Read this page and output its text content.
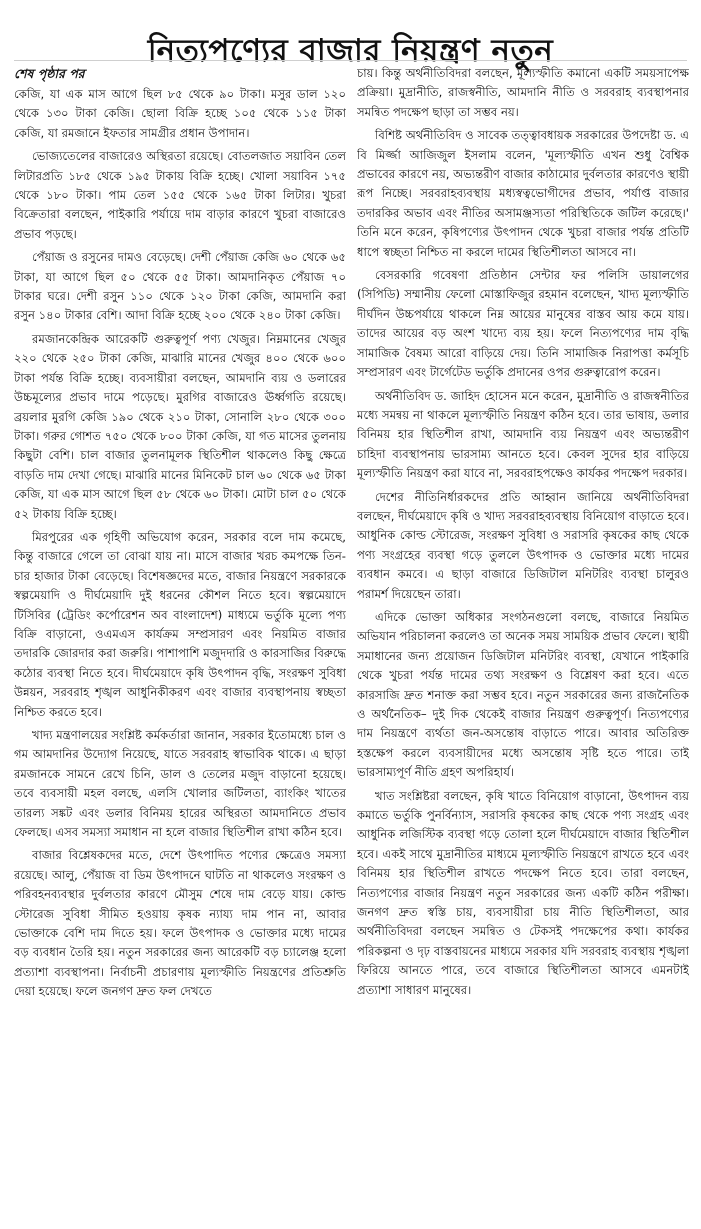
নিত্যপণ্যের বাজার নিয়ন্ত্রণ নতুন
শেষ পৃষ্ঠার পর

কেজি, যা এক মাস আগে ছিল ৮৫ থেকে ৯০ টাকা। মসুর ডাল ১২০ থেকে ১৩০ টাকা কেজি। ছোলা বিক্রি হচ্ছে ১০৫ থেকে ১১৫ টাকা কেজি, যা রমজানে ইফতার সামগ্রীর প্রধান উপাদান।

ভোজ্যতেলের বাজারেও অস্থিরতা রয়েছে। বোতলজাত সয়াবিন তেল লিটারপ্রতি ১৮৫ থেকে ১৯৫ টাকায় বিক্রি হচ্ছে। খোলা সয়াবিন ১৭৫ থেকে ১৮০ টাকা। পাম তেল ১৫৫ থেকে ১৬৫ টাকা লিটার। খুচরা বিক্রেতারা বলছেন, পাইকারি পর্যায়ে দাম বাড়ার কারণে খুচরা বাজারেও প্রভাব পড়ছে।

পেঁয়াজ ও রসুনের দামও বেড়েছে। দেশী পেঁয়াজ কেজি ৬০ থেকে ৬৫ টাকা, যা আগে ছিল ৫০ থেকে ৫৫ টাকা। আমদানিকৃত পেঁয়াজ ৭০ টাকার ঘরে। দেশী রসুন ১১০ থেকে ১২০ টাকা কেজি, আমদানি করা রসুন ১৪০ টাকার বেশি। আদা বিক্রি হচ্ছে ২০০ থেকে ২৪০ টাকা কেজি।

রমজানকেন্দ্রিক আরেকটি গুরুত্বপূর্ণ পণ্য খেজুর। নিম্নমানের খেজুর ২২০ থেকে ২৫০ টাকা কেজি, মাঝারি মানের খেজুর ৪০০ থেকে ৬০০ টাকা পর্যন্ত বিক্রি হচ্ছে। ব্যবসায়ীরা বলছেন, আমদানি ব্যয় ও ডলারের উচ্চমূল্যের প্রভাব দামে পড়েছে। মুরগির বাজারেও ঊর্ধ্বগতি রয়েছে। ব্রয়লার মুরগি কেজি ১৯০ থেকে ২১০ টাকা, সোনালি ২৮০ থেকে ৩০০ টাকা। গরুর গোশত ৭৫০ থেকে ৮০০ টাকা কেজি, যা গত মাসের তুলনায় কিছুটা বেশি। চাল বাজার তুলনামূলক স্থিতিশীল থাকলেও কিছু ক্ষেত্রে বাড়তি দাম দেখা গেছে। মাঝারি মানের মিনিকেট চাল ৬০ থেকে ৬৫ টাকা কেজি, যা এক মাস আগে ছিল ৫৮ থেকে ৬০ টাকা। মোটা চাল ৫০ থেকে ৫২ টাকায় বিক্রি হচ্ছে।

মিরপুরের এক গৃহিণী অভিযোগ করেন, সরকার বলে দাম কমেছে, কিন্তু বাজারে গেলে তা বোঝা যায় না। মাসে বাজার খরচ কমপক্ষে তিন-চার হাজার টাকা বেড়েছে। বিশেষজ্ঞদের মতে, বাজার নিয়ন্ত্রণে সরকারকে স্বল্পমেয়াদি ও দীর্ঘমেয়াদি দুই ধরনের কৌশল নিতে হবে। স্বল্পমেয়াদে টিসিবির (ট্রেডিং কর্পোরেশন অব বাংলাদেশ) মাধ্যমে ভর্তুকি মূল্যে পণ্য বিক্রি বাড়ানো, ওএমএস কার্যক্রম সম্প্রসারণ এবং নিয়মিত বাজার তদারকি জোরদার করা জরুরি। পাশাপাশি মজুদদারি ও কারসাজির বিরুদ্ধে কঠোর ব্যবস্থা নিতে হবে। দীর্ঘমেয়াদে কৃষি উৎপাদন বৃদ্ধি, সংরক্ষণ সুবিধা উন্নয়ন, সরবরাহ শৃঙ্খল আধুনিকীকরণ এবং বাজার ব্যবস্থাপনায় স্বচ্ছতা নিশ্চিত করতে হবে।

খাদ্য মন্ত্রণালয়ের সংশ্লিষ্ট কর্মকর্তারা জানান, সরকার ইতোমধ্যে চাল ও গম আমদানির উদ্যোগ নিয়েছে, যাতে সরবরাহ স্বাভাবিক থাকে। এ ছাড়া রমজানকে সামনে রেখে চিনি, ডাল ও তেলের মজুদ বাড়ানো হয়েছে। তবে ব্যবসায়ী মহল বলছে, এলসি খোলার জটিলতা, ব্যাংকিং খাতের তারল্য সঙ্কট এবং ডলার বিনিময় হারের অস্থিরতা আমদানিতে প্রভাব ফেলছে। এসব সমস্যা সমাধান না হলে বাজার স্থিতিশীল রাখা কঠিন হবে।

বাজার বিশ্লেষকদের মতে, দেশে উৎপাদিত পণ্যের ক্ষেত্রেও সমস্যা রয়েছে। আলু, পেঁয়াজ বা ডিম উৎপাদনে ঘাটতি না থাকলেও সংরক্ষণ ও পরিবহনব্যবস্থার দুর্বলতার কারণে মৌসুম শেষে দাম বেড়ে যায়। কোল্ড স্টোরেজ সুবিধা সীমিত হওয়ায় কৃষক ন্যায্য দাম পান না, আবার ভোক্তাকে বেশি দাম দিতে হয়। ফলে উৎপাদক ও ভোক্তার মধ্যে দামের বড় ব্যবধান তৈরি হয়। নতুন সরকারের জন্য আরেকটি বড় চ্যালেঞ্জ হলো প্রত্যাশা ব্যবস্থাপনা। নির্বাচনী প্রচারণায় মূল্যস্ফীতি নিয়ন্ত্রণের প্রতিশ্রুতি দেয়া হয়েছে। ফলে জনগণ দ্রুত ফল দেখতে

চায়। কিন্তু অর্থনীতিবিদরা বলছেন, মূল্যস্ফীতি কমানো একটি সময়সাপেক্ষ প্রক্রিয়া। মুদ্রানীতি, রাজস্বনীতি, আমদানি নীতি ও সরবরাহ ব্যবস্থাপনার সমন্বিত পদক্ষেপ ছাড়া তা সম্ভব নয়।

বিশিষ্ট অর্থনীতিবিদ ও সাবেক তত্ত্বাবধায়ক সরকারের উপদেষ্টা ড. এ বি মির্জ্জা আজিজুল ইসলাম বলেন, 'মূল্যস্ফীতি এখন শুধু বৈশ্বিক প্রভাবের কারণে নয়, অভ্যন্তরীণ বাজার কাঠামোর দুর্বলতার কারণেও স্থায়ী রূপ নিচ্ছে। সরবরাহব্যবস্থায় মধ্যস্বত্বভোগীদের প্রভাব, পর্যাপ্ত বাজার তদারকির অভাব এবং নীতির অসামঞ্জস্যতা পরিস্থিতিকে জটিল করেছে।' তিনি মনে করেন, কৃষিপণ্যের উৎপাদন থেকে খুচরা বাজার পর্যন্ত প্রতিটি ধাপে স্বচ্ছতা নিশ্চিত না করলে দামের স্থিতিশীলতা আসবে না।

বেসরকারি গবেষণা প্রতিষ্ঠান সেন্টার ফর পলিসি ডায়ালগের (সিপিডি) সম্মানীয় ফেলো মোস্তাফিজুর রহমান বলেছেন, খাদ্য মূল্যস্ফীতি দীর্ঘদিন উচ্চপর্যায়ে থাকলে নিম্ন আয়ের মানুষের বাস্তব আয় কমে যায়। তাদের আয়ের বড় অংশ খাদ্যে ব্যয় হয়। ফলে নিত্যপণ্যের দাম বৃদ্ধি সামাজিক বৈষম্য আরো বাড়িয়ে দেয়। তিনি সামাজিক নিরাপত্তা কর্মসূচি সম্প্রসারণ এবং টার্গেটেড ভর্তুকি প্রদানের ওপর গুরুত্বারোপ করেন।

অর্থনীতিবিদ ড. জাহিদ হোসেন মনে করেন, মুদ্রানীতি ও রাজস্বনীতির মধ্যে সমন্বয় না থাকলে মূল্যস্ফীতি নিয়ন্ত্রণ কঠিন হবে। তার ভাষায়, ডলার বিনিময় হার স্থিতিশীল রাখা, আমদানি ব্যয় নিয়ন্ত্রণ এবং অভ্যন্তরীণ চাহিদা ব্যবস্থাপনায় ভারসাম্য আনতে হবে। কেবল সুদের হার বাড়িয়ে মূল্যস্ফীতি নিয়ন্ত্রণ করা যাবে না, সরবরাহপক্ষেও কার্যকর পদক্ষেপ দরকার।

দেশের নীতিনির্ধারকদের প্রতি আহ্বান জানিয়ে অর্থনীতিবিদরা বলছেন, দীর্ঘমেয়াদে কৃষি ও খাদ্য সরবরাহব্যবস্থায় বিনিয়োগ বাড়াতে হবে। আধুনিক কোল্ড স্টোরেজ, সংরক্ষণ সুবিধা ও সরাসরি কৃষকের কাছ থেকে পণ্য সংগ্রহের ব্যবস্থা গড়ে তুললে উৎপাদক ও ভোক্তার মধ্যে দামের ব্যবধান কমবে। এ ছাড়া বাজারে ডিজিটাল মনিটরিং ব্যবস্থা চালুরও পরামর্শ দিয়েছেন তারা।

এদিকে ভোক্তা অধিকার সংগঠনগুলো বলছে, বাজারে নিয়মিত অভিযান পরিচালনা করলেও তা অনেক সময় সাময়িক প্রভাব ফেলে। স্থায়ী সমাধানের জন্য প্রয়োজন ডিজিটাল মনিটরিং ব্যবস্থা, যেখানে পাইকারি থেকে খুচরা পর্যন্ত দামের তথ্য সংরক্ষণ ও বিশ্লেষণ করা হবে। এতে কারসাজি দ্রুত শনাক্ত করা সম্ভব হবে। নতুন সরকারের জন্য রাজনৈতিক ও অর্থনৈতিক– দুই দিক থেকেই বাজার নিয়ন্ত্রণ গুরুত্বপূর্ণ। নিত্যপণ্যের দাম নিয়ন্ত্রণে ব্যর্থতা জন-অসন্তোষ বাড়াতে পারে। আবার অতিরিক্ত হস্তক্ষেপ করলে ব্যবসায়ীদের মধ্যে অসন্তোষ সৃষ্টি হতে পারে। তাই ভারসাম্যপূর্ণ নীতি গ্রহণ অপরিহার্য।

খাত সংশ্লিষ্টরা বলছেন, কৃষি খাতে বিনিয়োগ বাড়ানো, উৎপাদন ব্যয় কমাতে ভর্তুকি পুনর্বিন্যাস, সরাসরি কৃষকের কাছ থেকে পণ্য সংগ্রহ এবং আধুনিক লজিস্টিক ব্যবস্থা গড়ে তোলা হলে দীর্ঘমেয়াদে বাজার স্থিতিশীল হবে। একই সাথে মুদ্রানীতির মাধ্যমে মূল্যস্ফীতি নিয়ন্ত্রণে রাখতে হবে এবং বিনিময় হার স্থিতিশীল রাখতে পদক্ষেপ নিতে হবে। তারা বলছেন, নিত্যপণ্যের বাজার নিয়ন্ত্রণ নতুন সরকারের জন্য একটি কঠিন পরীক্ষা। জনগণ দ্রুত স্বস্তি চায়, ব্যবসায়ীরা চায় নীতি স্থিতিশীলতা, আর অর্থনীতিবিদরা বলছেন সমন্বিত ও টেকসই পদক্ষেপের কথা। কার্যকর পরিকল্পনা ও দৃঢ় বাস্তবায়নের মাধ্যমে সরকার যদি সরবরাহ ব্যবস্থায় শৃঙ্খলা ফিরিয়ে আনতে পারে, তবে বাজারে স্থিতিশীলতা আসবে এমনটাই প্রত্যাশা সাধারণ মানুষের।
